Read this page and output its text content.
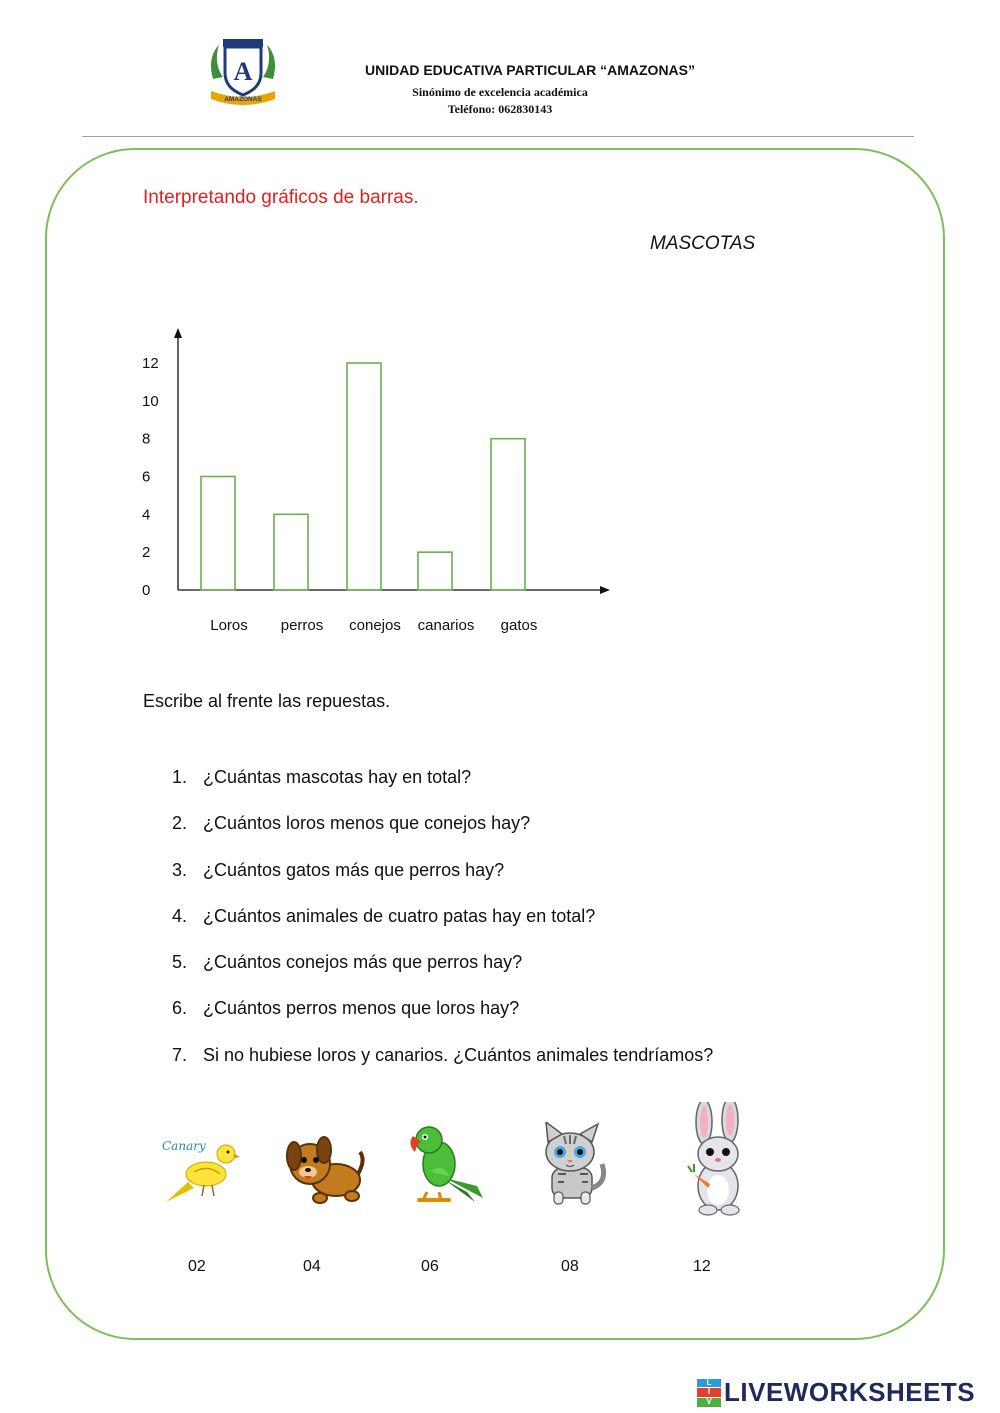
A
AMAZONAS
UNIDAD EDUCATIVA PARTICULAR “AMAZONAS”
Sinónimo de excelencia académica
Teléfono: 062830143
Interpretando gráficos de barras.
MASCOTAS
0
2
4
6
8
10
12
Loros perros conejos canarios gatos
Escribe al frente las repuestas.
1. ¿Cuántas mascotas hay en total?
2. ¿Cuántos loros menos que conejos hay?
3. ¿Cuántos gatos más que perros hay?
4. ¿Cuántos animales de cuatro patas hay en total?
5. ¿Cuántos conejos más que perros hay?
6. ¿Cuántos perros menos que loros hay?
7. Si no hubiese loros y canarios. ¿Cuántos animales tendríamos?
Canary
02	04	06	08	12
L
I
V LIVEWORKSHEETS
